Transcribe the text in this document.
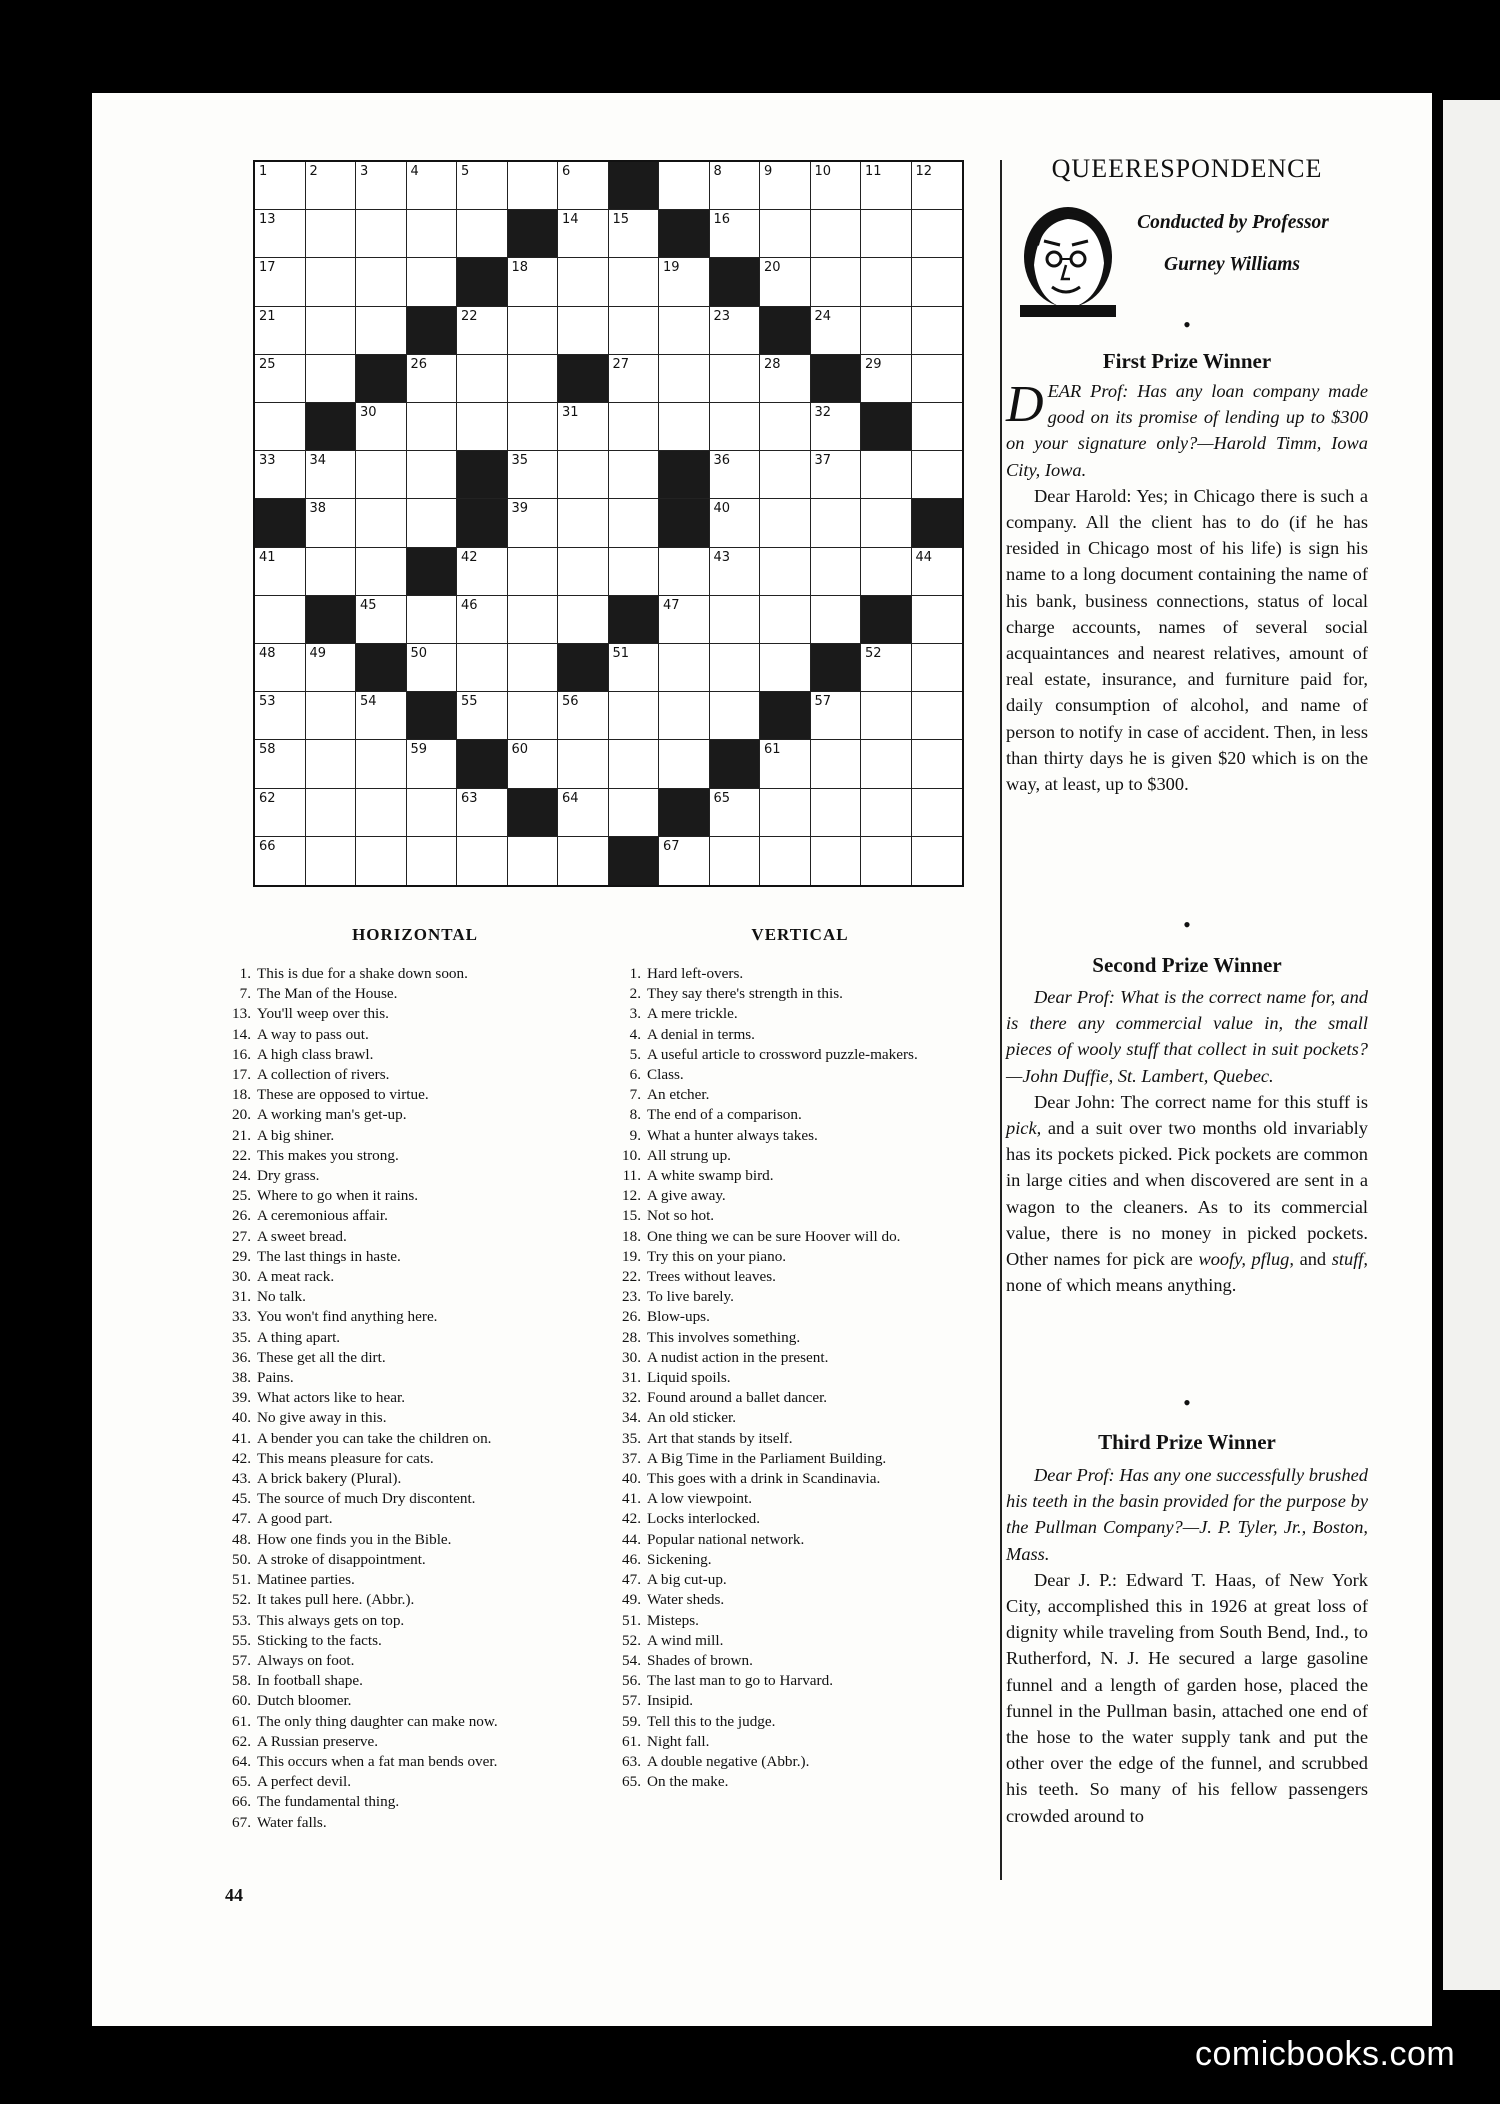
1	2	3	4	5	6	8	9	10	11	12
13	14	15	16
17	18	19	20
21	22	23	24
25	26	27	28	29
30	31	32
33	34	35	36	37
38	39	40
41	42	43	44
45	46	47
48	49	50	51	52
53	54	55	56	57
58	59	60	61
62	63	64	65
66	67
HORIZONTAL	VERTICAL
1. This is due for a shake down soon.
7. The Man of the House.
13. You'll weep over this.
14. A way to pass out.
16. A high class brawl.
17. A collection of rivers.
18. These are opposed to virtue.
20. A working man's get-up.
21. A big shiner.
22. This makes you strong.
24. Dry grass.
25. Where to go when it rains.
26. A ceremonious affair.
27. A sweet bread.
29. The last things in haste.
30. A meat rack.
31. No talk.
33. You won't find anything here.
35. A thing apart.
36. These get all the dirt.
38. Pains.
39. What actors like to hear.
40. No give away in this.
41. A bender you can take the children on.
42. This means pleasure for cats.
43. A brick bakery (Plural).
45. The source of much Dry discontent.
47. A good part.
48. How one finds you in the Bible.
50. A stroke of disappointment.
51. Matinee parties.
52. It takes pull here. (Abbr.).
53. This always gets on top.
55. Sticking to the facts.
57. Always on foot.
58. In football shape.
60. Dutch bloomer.
61. The only thing daughter can make now.
62. A Russian preserve.
64. This occurs when a fat man bends over.
65. A perfect devil.
66. The fundamental thing.
67. Water falls.
1. Hard left-overs.
2. They say there's strength in this.
3. A mere trickle.
4. A denial in terms.
5. A useful article to crossword puzzle-makers.
6. Class.
7. An etcher.
8. The end of a comparison.
9. What a hunter always takes.
10. All strung up.
11. A white swamp bird.
12. A give away.
15. Not so hot.
18. One thing we can be sure Hoover will do.
19. Try this on your piano.
22. Trees without leaves.
23. To live barely.
26. Blow-ups.
28. This involves something.
30. A nudist action in the present.
31. Liquid spoils.
32. Found around a ballet dancer.
34. An old sticker.
35. Art that stands by itself.
37. A Big Time in the Parliament Building.
40. This goes with a drink in Scandinavia.
41. A low viewpoint.
42. Locks interlocked.
44. Popular national network.
46. Sickening.
47. A big cut-up.
49. Water sheds.
51. Misteps.
52. A wind mill.
54. Shades of brown.
56. The last man to go to Harvard.
57. Insipid.
59. Tell this to the judge.
61. Night fall.
63. A double negative (Abbr.).
65. On the make.
44
QUEERESPONDENCE
Conducted by Professor
Gurney Williams
•
First Prize Winner
DEAR Prof: Has any loan company made good on its promise of lending up to $300 on your signature only?—Harold Timm, Iowa City, Iowa.
Dear Harold: Yes; in Chicago there is such a company. All the client has to do (if he has resided in Chicago most of his life) is sign his name to a long document containing the name of his bank, business connections, status of local charge accounts, names of several social acquaintances and nearest relatives, amount of real estate, insurance, and furniture paid for, daily consumption of alcohol, and name of person to notify in case of accident. Then, in less than thirty days he is given $20 which is on the way, at least, up to $300.
•
Second Prize Winner
Dear Prof: What is the correct name for, and is there any commercial value in, the small pieces of wooly stuff that collect in suit pockets?—John Duffie, St. Lambert, Quebec.
Dear John: The correct name for this stuff is pick, and a suit over two months old invariably has its pockets picked. Pick pockets are common in large cities and when discovered are sent in a wagon to the cleaners. As to its commercial value, there is no money in picked pockets. Other names for pick are woofy, pflug, and stuff, none of which means anything.
•
Third Prize Winner
Dear Prof: Has any one successfully brushed his teeth in the basin provided for the purpose by the Pullman Company?—J. P. Tyler, Jr., Boston, Mass.
Dear J. P.: Edward T. Haas, of New York City, accomplished this in 1926 at great loss of dignity while traveling from South Bend, Ind., to Rutherford, N. J. He secured a large gasoline funnel and a length of garden hose, placed the funnel in the Pullman basin, attached one end of the hose to the water supply tank and put the other over the edge of the funnel, and scrubbed his teeth. So many of his fellow passengers crowded around to
comicbooks.com
